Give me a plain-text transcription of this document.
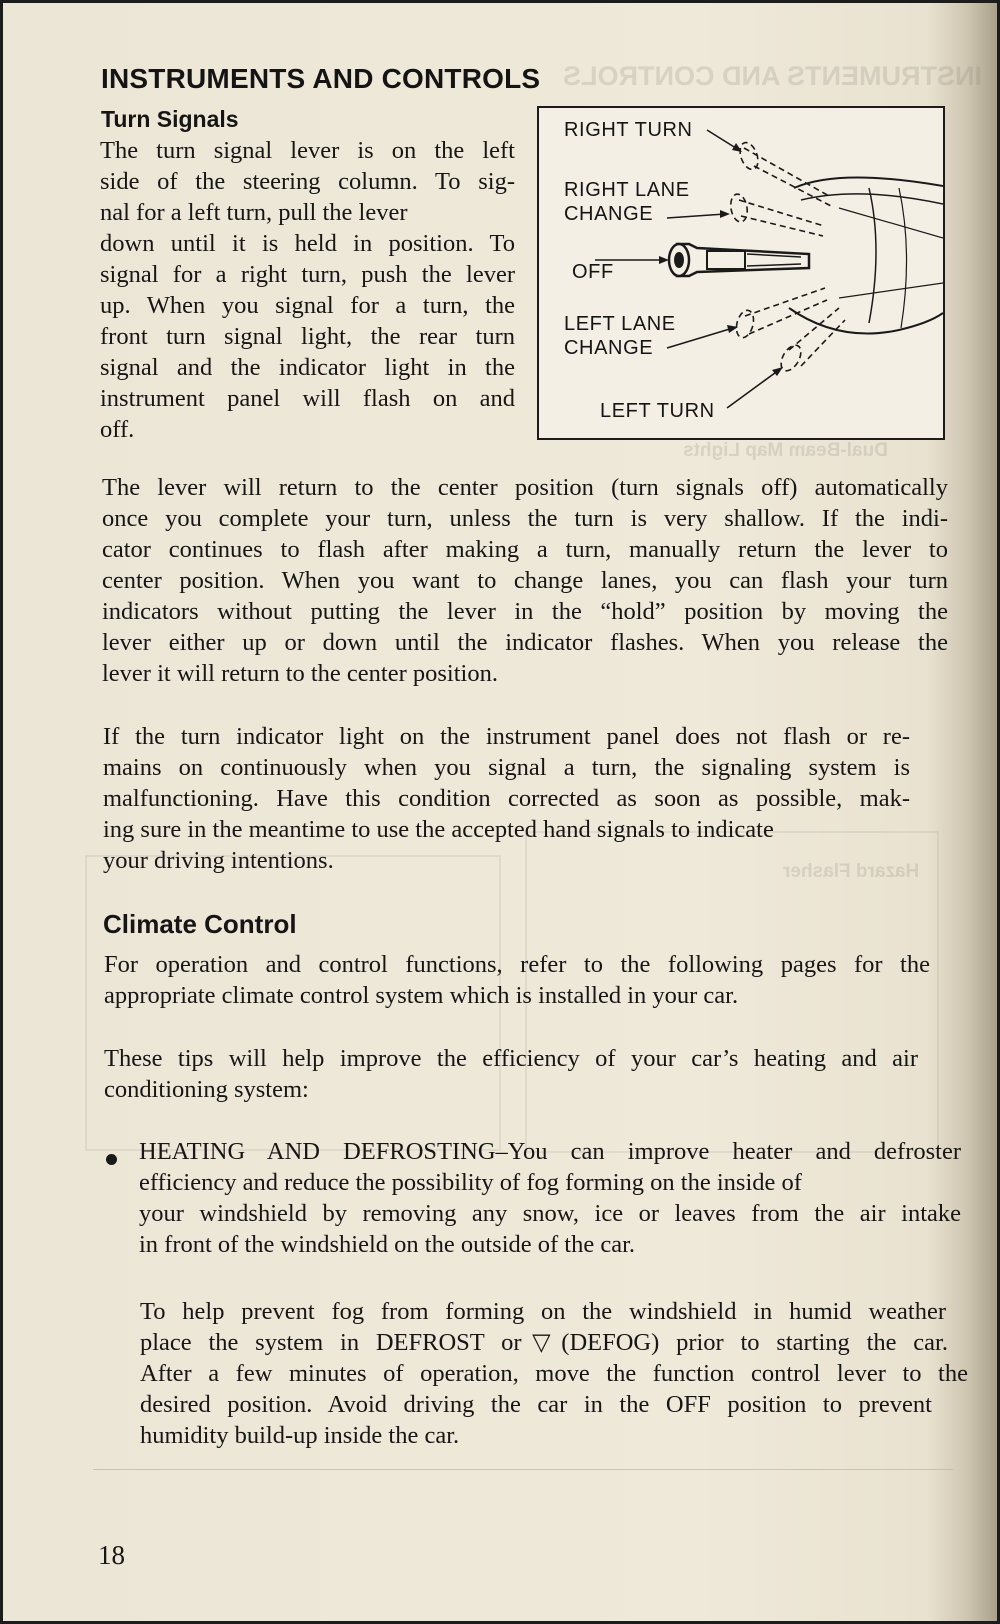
INSTRUMENTS AND CONTROLS
Dual-Beam Map Lights
Hazard Flasher
INSTRUMENTS AND CONTROLS
Turn Signals
The turn signal lever is on the left
side of the steering column. To sig-
nal for a left turn, pull the lever
down until it is held in position. To
signal for a right turn, push the lever
up. When you signal for a turn, the
front turn signal light, the rear turn
signal and the indicator light in the
instrument panel will flash on and
off.
RIGHT TURN
RIGHT LANE
CHANGE
OFF
LEFT LANE
CHANGE
LEFT TURN
The lever will return to the center position (turn signals off) automatically
once you complete your turn, unless the turn is very shallow. If the indi-
cator continues to flash after making a turn, manually return the lever to
center position. When you want to change lanes, you can flash your turn
indicators without putting the lever in the “hold” position by moving the
lever either up or down until the indicator flashes. When you release the
lever it will return to the center position.
If the turn indicator light on the instrument panel does not flash or re-
mains on continuously when you signal a turn, the signaling system is
malfunctioning. Have this condition corrected as soon as possible, mak-
ing sure in the meantime to use the accepted hand signals to indicate
your driving intentions.
Climate Control
For operation and control functions, refer to the following pages for the
appropriate climate control system which is installed in your car.
These tips will help improve the efficiency of your car’s heating and air
conditioning system:
HEATING AND DEFROSTING–You can improve heater and defroster
efficiency and reduce the possibility of fog forming on the inside of
your windshield by removing any snow, ice or leaves from the air intake
in front of the windshield on the outside of the car.
To help prevent fog from forming on the windshield in humid weather
place the system in DEFROST or▽(DEFOG) prior to starting the car.
After a few minutes of operation, move the function control lever to the
desired position. Avoid driving the car in the OFF position to prevent
humidity build-up inside the car.
18
